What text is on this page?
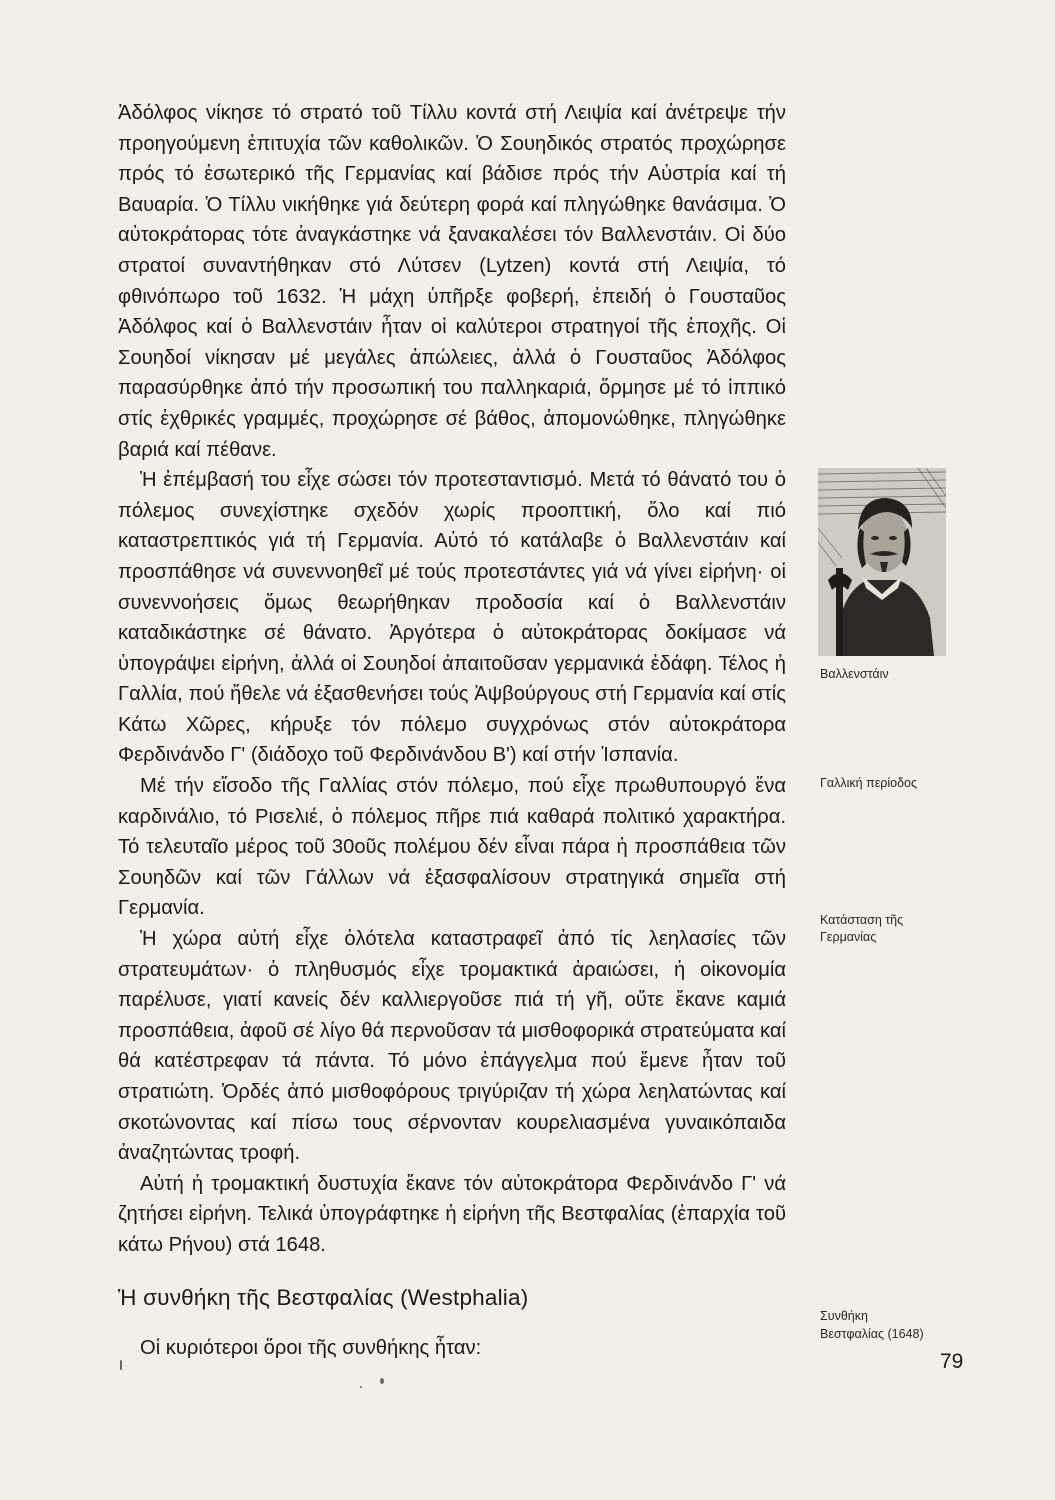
Ἀδόλφος νίκησε τό στρατό τοῦ Τίλλυ κοντά στή Λειψία καί ἀνέτρεψε τήν προηγούμενη ἐπιτυχία τῶν καθολικῶν. Ὁ Σουηδικός στρατός προχώρησε πρός τό ἐσωτερικό τῆς Γερμανίας καί βάδισε πρός τήν Αὐστρία καί τή Βαυαρία. Ὁ Τίλλυ νικήθηκε γιά δεύτερη φορά καί πληγώθηκε θανάσιμα. Ὁ αὐτοκράτορας τότε ἀναγκάστηκε νά ξανακαλέσει τόν Βαλλενστάιν. Οἱ δύο στρατοί συναντήθηκαν στό Λύτσεν (Lytzen) κοντά στή Λειψία, τό φθινόπωρο τοῦ 1632. Ἡ μάχη ὑπῆρξε φοβερή, ἐπειδή ὁ Γουσταῦος Ἀδόλφος καί ὁ Βαλλενστάιν ἦταν οἱ καλύτεροι στρατηγοί τῆς ἐποχῆς. Οἱ Σουηδοί νίκησαν μέ μεγάλες ἀπώλειες, ἀλλά ὁ Γουσταῦος Ἀδόλφος παρασύρθηκε ἀπό τήν προσωπική του παλληκαριά, ὅρμησε μέ τό ἱππικό στίς ἐχθρικές γραμμές, προχώρησε σέ βάθος, ἀπομονώθηκε, πληγώθηκε βαριά καί πέθανε.

Ἡ ἐπέμβασή του εἶχε σώσει τόν προτεσταντισμό. Μετά τό θάνατό του ὁ πόλεμος συνεχίστηκε σχεδόν χωρίς προοπτική, ὅλο καί πιό καταστρεπτικός γιά τή Γερμανία. Αὐτό τό κατάλαβε ὁ Βαλλενστάιν καί προσπάθησε νά συνεννοηθεῖ μέ τούς προτεστάντες γιά νά γίνει εἰρήνη· οἱ συνεννοήσεις ὅμως θεωρήθηκαν προδοσία καί ὁ Βαλλενστάιν καταδικάστηκε σέ θάνατο. Ἀργότερα ὁ αὐτοκράτορας δοκίμασε νά ὑπογράψει εἰρήνη, ἀλλά οἱ Σουηδοί ἀπαιτοῦσαν γερμανικά ἐδάφη. Τέλος ἡ Γαλλία, πού ἤθελε νά ἐξασθενήσει τούς Ἀψβούργους στή Γερμανία καί στίς Κάτω Χῶρες, κήρυξε τόν πόλεμο συγχρόνως στόν αὐτοκράτορα Φερδινάνδο Γ' (διάδοχο τοῦ Φερδινάνδου Β') καί στήν Ἰσπανία.

Μέ τήν εἴσοδο τῆς Γαλλίας στόν πόλεμο, πού εἶχε πρωθυπουργό ἕνα καρδινάλιο, τό Ρισελιέ, ὁ πόλεμος πῆρε πιά καθαρά πολιτικό χαρακτήρα. Τό τελευταῖο μέρος τοῦ 30οῦς πολέμου δέν εἶναι πάρα ἡ προσπάθεια τῶν Σουηδῶν καί τῶν Γάλλων νά ἐξασφαλίσουν στρατηγικά σημεῖα στή Γερμανία.

Ἡ χώρα αὐτή εἶχε ὁλότελα καταστραφεῖ ἀπό τίς λεηλασίες τῶν στρατευμάτων· ὁ πληθυσμός εἶχε τρομακτικά ἀραιώσει, ἡ οἰκονομία παρέλυσε, γιατί κανείς δέν καλλιεργοῦσε πιά τή γῆ, οὔτε ἔκανε καμιά προσπάθεια, ἀφοῦ σέ λίγο θά περνοῦσαν τά μισθοφορικά στρατεύματα καί θά κατέστρεφαν τά πάντα. Τό μόνο ἐπάγγελμα πού ἔμενε ἦταν τοῦ στρατιώτη. Ὀρδές ἀπό μισθοφόρους τριγύριζαν τή χώρα λεηλατώντας καί σκοτώνοντας καί πίσω τους σέρνονταν κουρελιασμένα γυναικόπαιδα ἀναζητώντας τροφή.

Αὐτή ἡ τρομακτική δυστυχία ἔκανε τόν αὐτοκράτορα Φερδινάνδο Γ' νά ζητήσει εἰρήνη. Τελικά ὑπογράφτηκε ἡ εἰρήνη τῆς Βεστφαλίας (ἐπαρχία τοῦ κάτω Ρήνου) στά 1648.

Ἡ συνθήκη τῆς Βεστφαλίας (Westphalia)

Οἱ κυριότεροι ὅροι τῆς συνθήκης ἦταν:

Βαλλενστάιν
Γαλλική περίοδος
Κατάσταση τῆς
Γερμανίας
Συνθήκη
Βεστφαλίας (1648)
79
